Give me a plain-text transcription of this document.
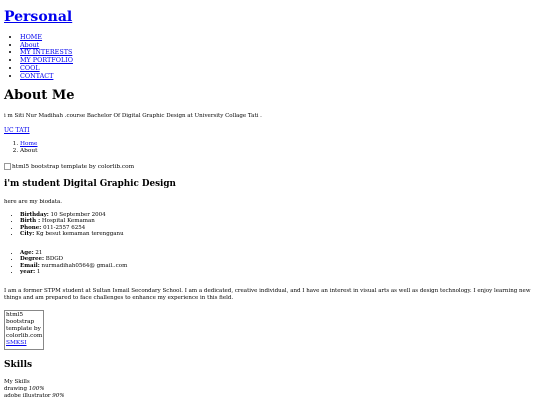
Personal
• HOME
• About
• MY INTERESTS
• MY PORTFOLIO
• COOL
• CONTACT
About Me

i m Siti Nur Madihah .course Bachelor Of Digital Graphic Design at University Collage Tati .

UC TATI
1. Home
2. About
html5 bootstrap template by colorlib.com
i'm student Digital Graphic Design

here are my biodata.

• Birthday: 10 September 2004
• Birth : Hospital Kemaman
• Phone: 011-2557 6254
• City: Kg besut kemaman terengganu
• Age: 21
• Degree: BDGD
• Email: nurmadihah0564@ gmail..com
• year: 1

I am a former STPM student at Sultan Ismail Secondary School. I am a dedicated, creative individual, and I have an interest in visual arts as well as design technology. I enjoy learning new things and am prepared to face challenges to enhance my experience in this field.

html5 bootstrap template by colorlib.com
SMKSI
Skills
My Skills
drawing 100%
adobe illustrator 90%
